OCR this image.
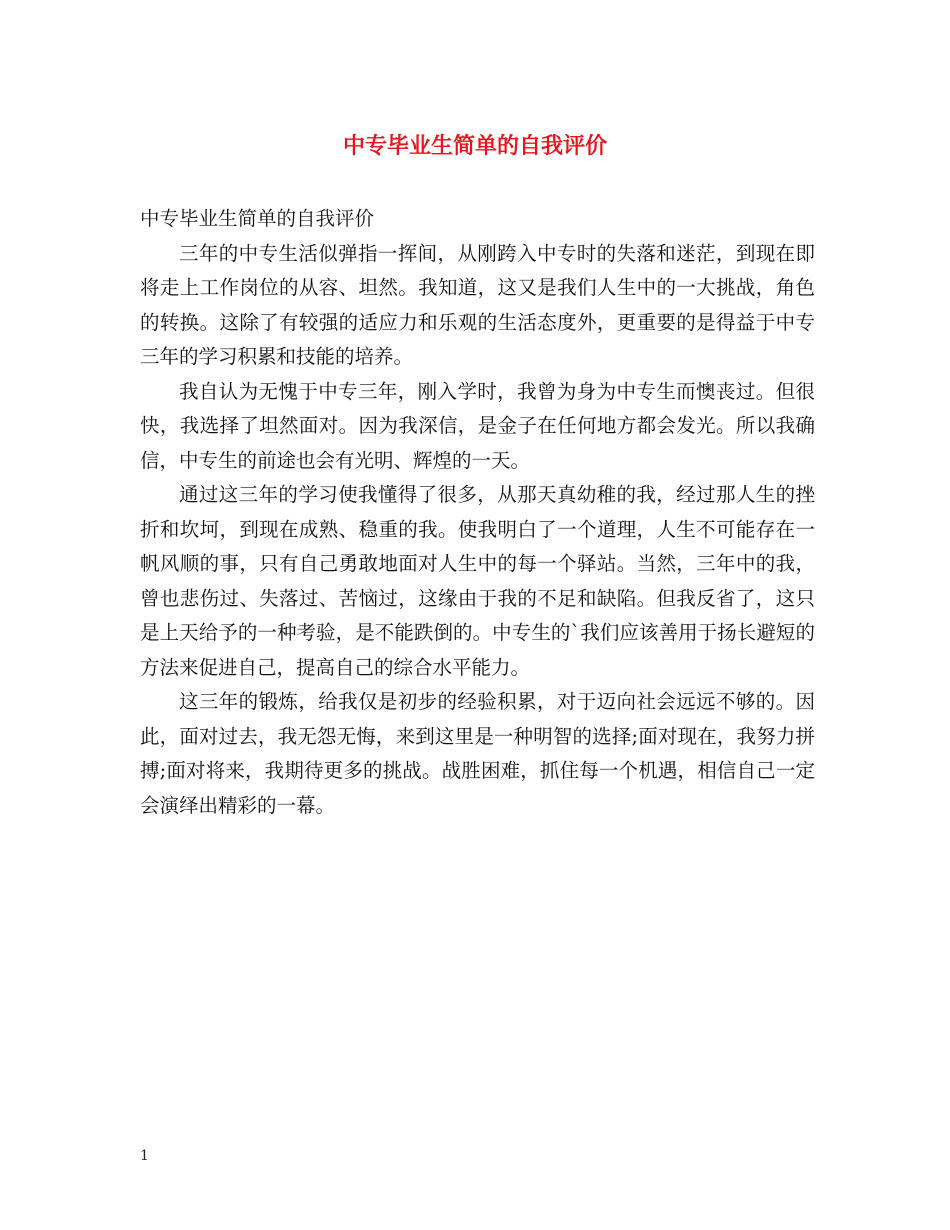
中专毕业生简单的自我评价

中专毕业生简单的自我评价

三年的中专生活似弹指一挥间，从刚跨入中专时的失落和迷茫，到现在即将走上工作岗位的从容、坦然。我知道，这又是我们人生中的一大挑战，角色的转换。这除了有较强的适应力和乐观的生活态度外，更重要的是得益于中专三年的学习积累和技能的培养。

我自认为无愧于中专三年，刚入学时，我曾为身为中专生而懊丧过。但很快，我选择了坦然面对。因为我深信，是金子在任何地方都会发光。所以我确信，中专生的前途也会有光明、辉煌的一天。

通过这三年的学习使我懂得了很多，从那天真幼稚的我，经过那人生的挫折和坎坷，到现在成熟、稳重的我。使我明白了一个道理，人生不可能存在一帆风顺的事，只有自己勇敢地面对人生中的每一个驿站。当然，三年中的我，曾也悲伤过、失落过、苦恼过，这缘由于我的不足和缺陷。但我反省了，这只是上天给予的一种考验，是不能跌倒的。中专生的`我们应该善用于扬长避短的方法来促进自己，提高自己的综合水平能力。

这三年的锻炼，给我仅是初步的经验积累，对于迈向社会远远不够的。因此，面对过去，我无怨无悔，来到这里是一种明智的选择;面对现在，我努力拼搏;面对将来，我期待更多的挑战。战胜困难，抓住每一个机遇，相信自己一定会演绎出精彩的一幕。

1
